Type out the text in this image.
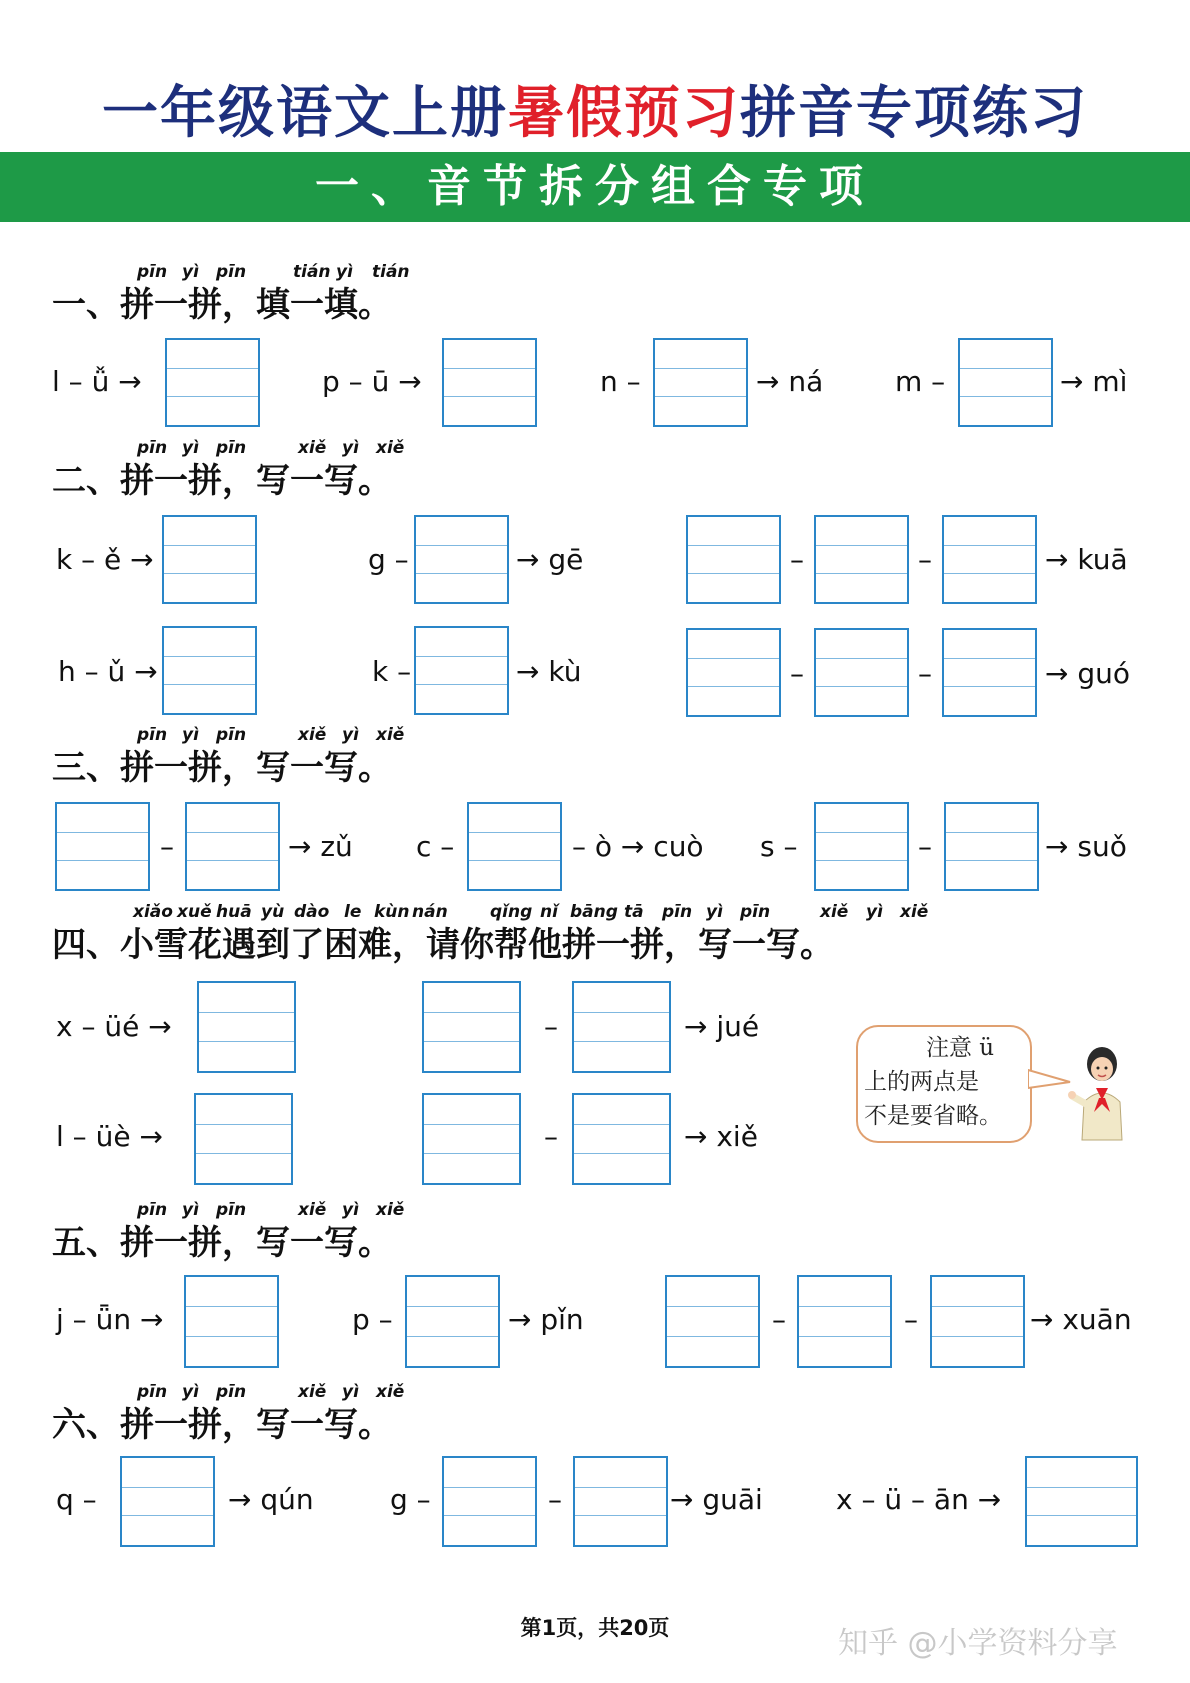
一年级语文上册暑假预习拼音专项练习
一、音节拆分组合专项
pīn yì pīn	tián yì tián
一、拼一拼，填一填。
l – ǚ →	p – ū →	n –	→ ná	m –	→ mì
pīn yì pīn	xiě yì xiě
二、拼一拼，写一写。
k – ě →	g –	→ gē	–	–	→ kuā
h – ǔ →	k –	→ kù	–	–	→ guó
pīn yì pīn	xiě yì xiě
三、拼一拼，写一写。
–	→ zǔ c –	– ò → cuò s –	–	→ suǒ
xiǎo xuě huā yù dào le kùn nán qǐng nǐ bāng tā pīn yì pīn	xiě yì xiě
四、小雪花遇到了困难，请你帮他拼一拼，写一写。
x – üé →	–	→ jué
l – üè →	–	→ xiě
注意 ü
上的两点是
不是要省略。
pīn yì pīn	xiě yì xiě
五、拼一拼，写一写。
j – ǖn →	p –	→ pǐn	–	–	→ xuān
pīn yì pīn	xiě yì xiě
六、拼一拼，写一写。
q –	→ qún	g –	–	→ guāi	x – ü – ān →
第1页，共20页	知乎 @小学资料分享
